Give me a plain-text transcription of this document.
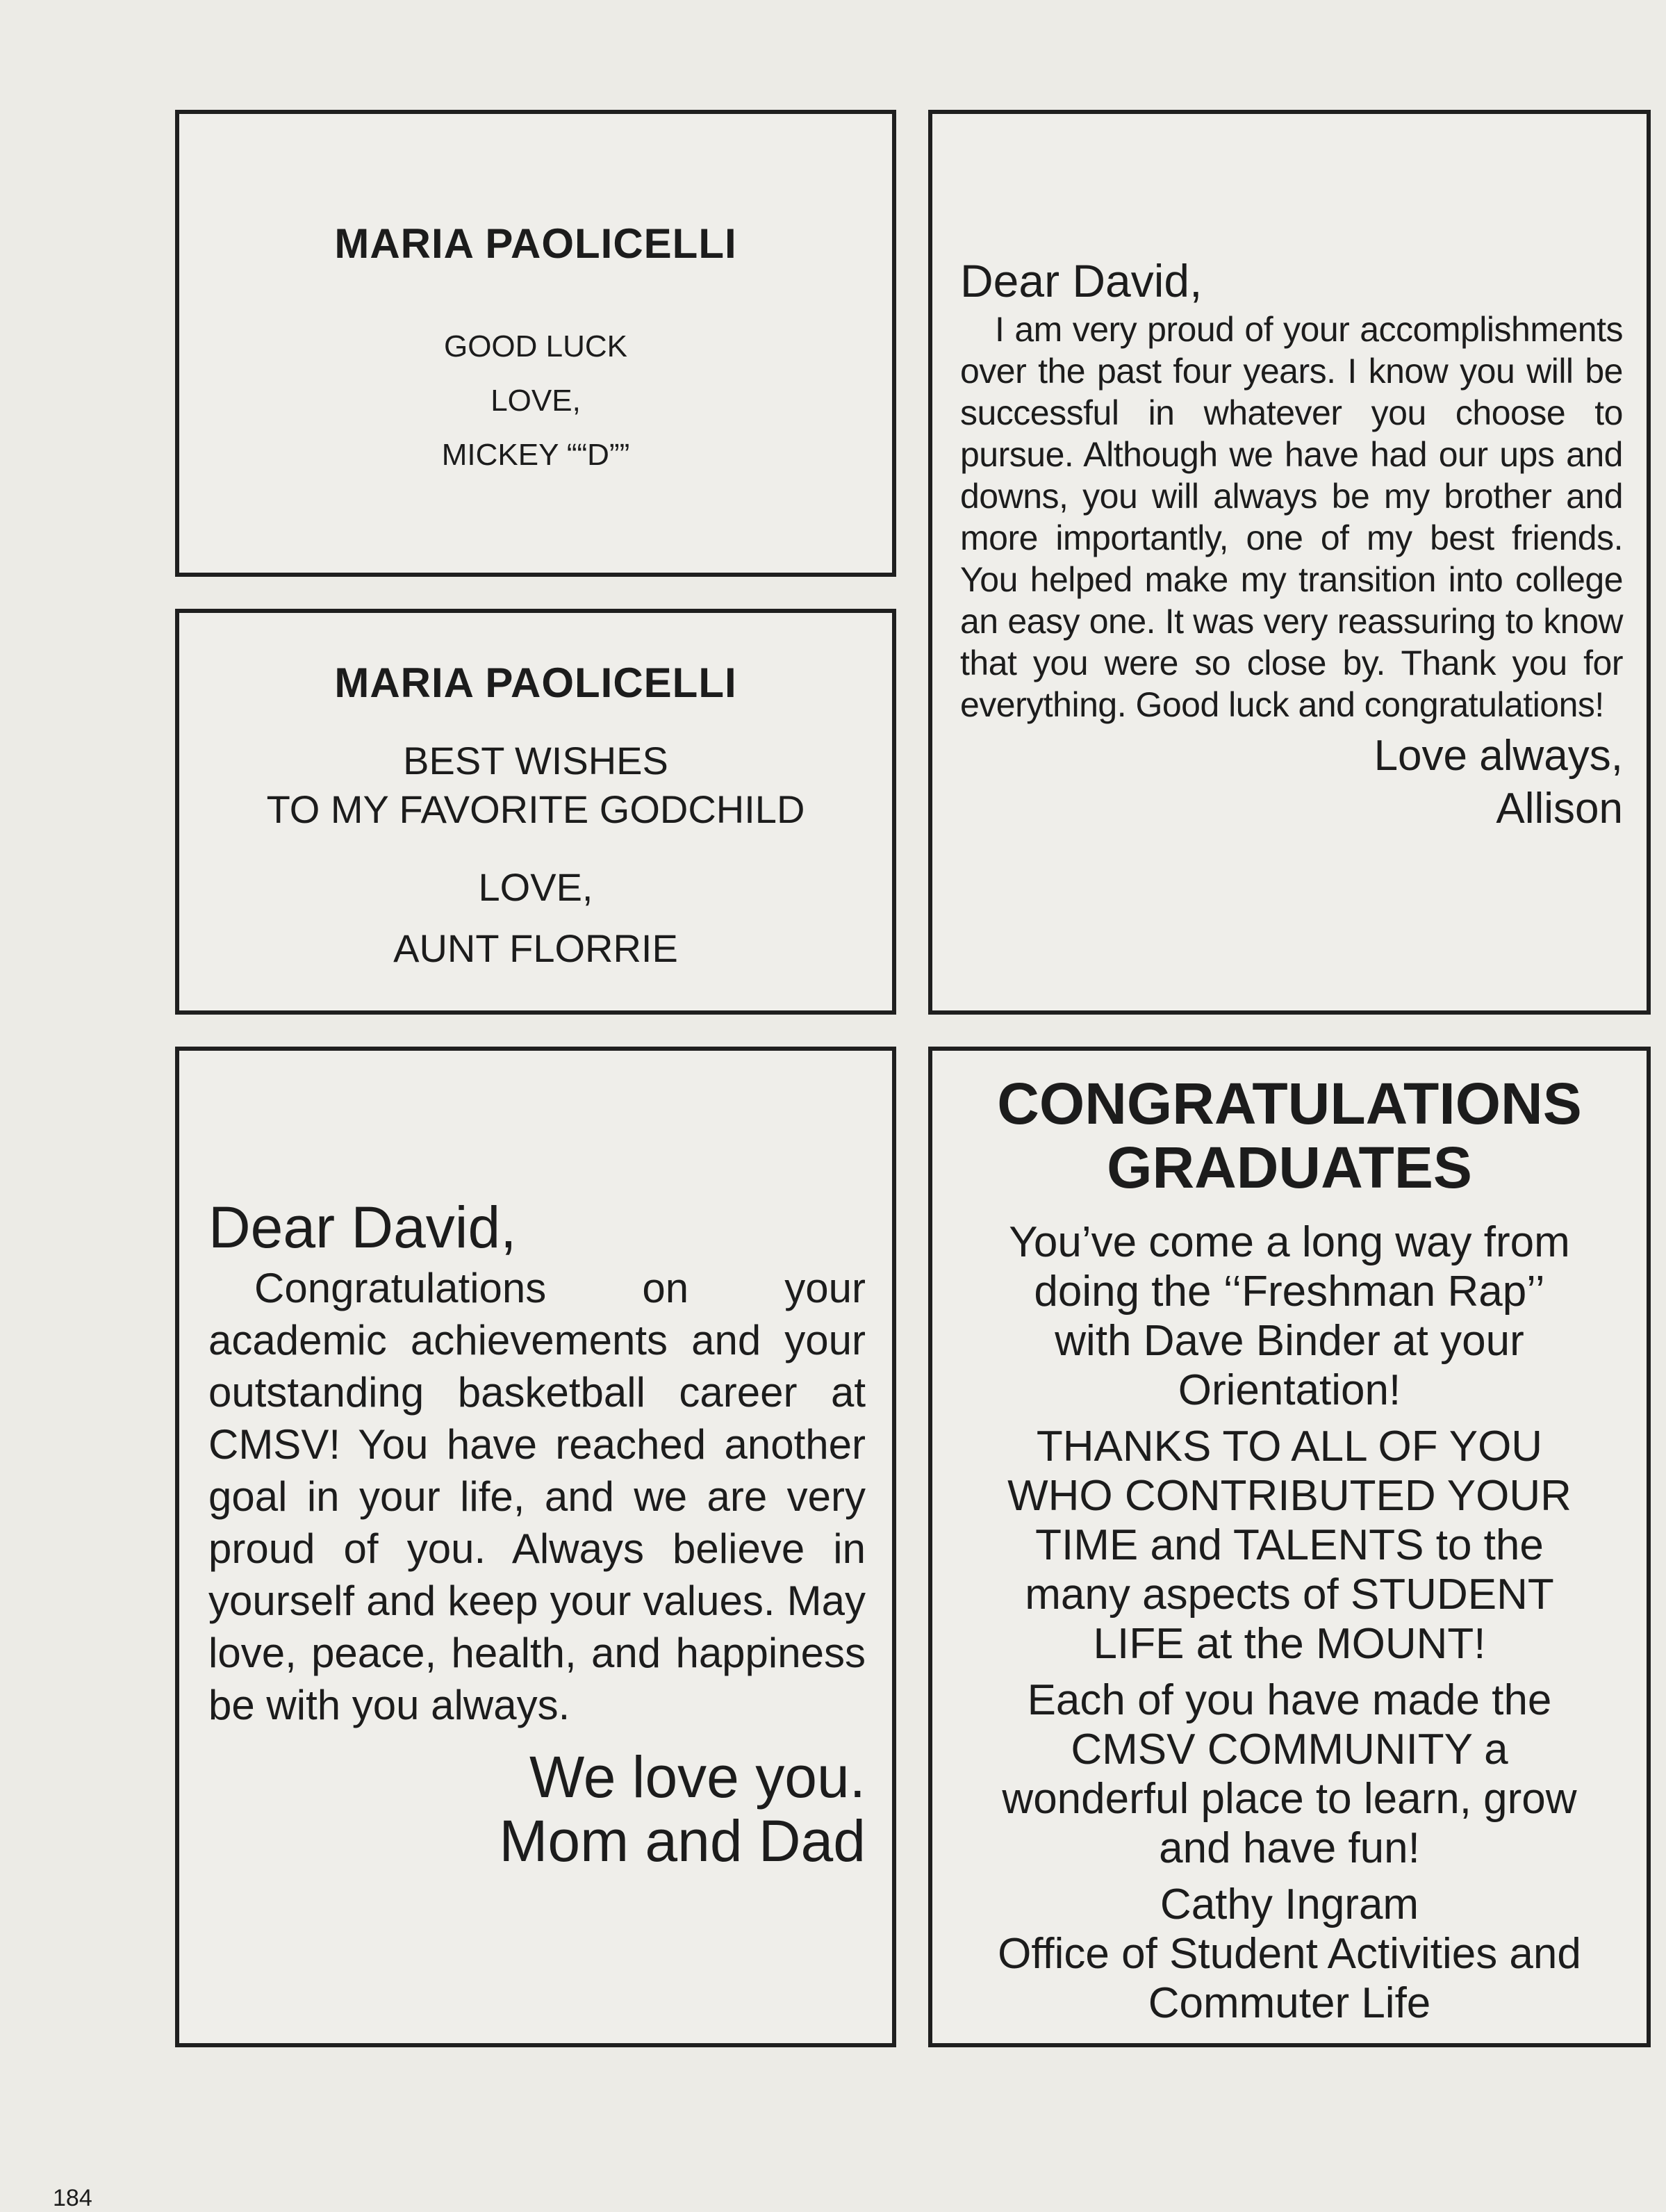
MARIA PAOLICELLI

GOOD LUCK

LOVE,

MICKEY ““D””

MARIA PAOLICELLI

BEST WISHES

TO MY FAVORITE GODCHILD

LOVE,

AUNT FLORRIE

Dear David,

I am very proud of your accomplishments over the past four years. I know you will be successful in whatever you choose to pursue. Although we have had our ups and downs, you will always be my brother and more importantly, one of my best friends. You helped make my transition into college an easy one. It was very reassuring to know that you were so close by. Thank you for everything. Good luck and congratulations!

Love always,

Allison

Dear David,

Congratulations on your academic achievements and your outstanding basketball career at CMSV! You have reached another goal in your life, and we are very proud of you. Always believe in yourself and keep your values. May love, peace, health, and happiness be with you always.

We love you.

Mom and Dad

CONGRATULATIONS

GRADUATES

You’ve come a long way from

doing the ‘‘Freshman Rap’’

with Dave Binder at your

Orientation!

THANKS TO ALL OF YOU

WHO CONTRIBUTED YOUR

TIME and TALENTS to the

many aspects of STUDENT

LIFE at the MOUNT!

Each of you have made the

CMSV COMMUNITY a

wonderful place to learn, grow

and have fun!

Cathy Ingram

Office of Student Activities and

Commuter Life

184
